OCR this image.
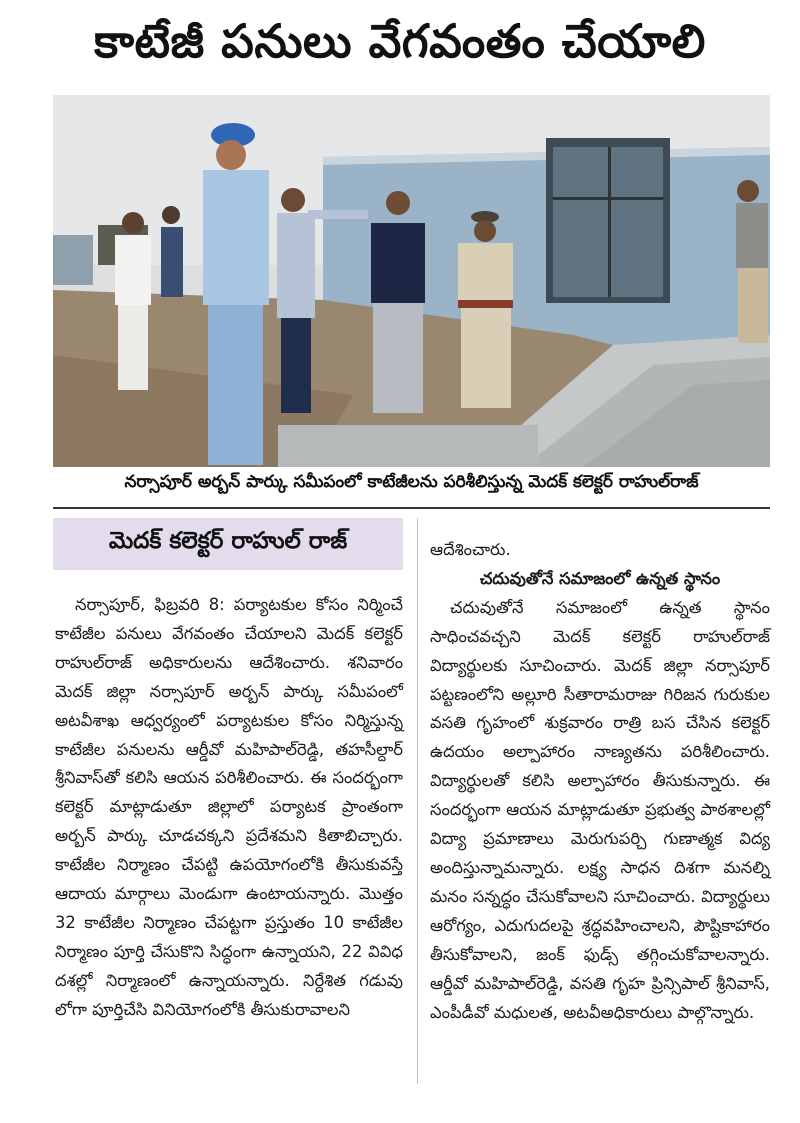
కాటేజీ పనులు వేగవంతం చేయాలి
నర్సాపూర్ అర్బన్ పార్కు సమీపంలో కాటేజీలను పరిశీలిస్తున్న మెదక్ కలెక్టర్ రాహుల్‌రాజ్
మెదక్ కలెక్టర్ రాహుల్ రాజ్

నర్సాపూర్, ఫిబ్రవరి 8: పర్యాటకుల కోసం నిర్మించే కాటేజీల పనులు వేగవంతం చేయాలని మెదక్ కలెక్టర్ రాహుల్‌రాజ్ అధికారులను ఆదేశించారు. శనివారం మెదక్ జిల్లా నర్సాపూర్ అర్బన్ పార్కు సమీపంలో అటవీశాఖ ఆధ్వర్యంలో పర్యాటకుల కోసం నిర్మిస్తున్న కాటేజీల పనులను ఆర్డీవో మహిపాల్‌రెడ్డి, తహసీల్దార్ శ్రీనివాస్‌తో కలిసి ఆయన పరిశీలించారు. ఈ సందర్భంగా కలెక్టర్ మాట్లాడుతూ జిల్లాలో పర్యాటక ప్రాంతంగా అర్బన్ పార్కు చూడచక్కని ప్రదేశమని కితాబిచ్చారు. కాటేజీల నిర్మాణం చేపట్టి ఉపయోగంలోకి తీసుకువస్తే ఆదాయ మార్గాలు మెండుగా ఉంటాయన్నారు. మొత్తం 32 కాటేజీల నిర్మాణం చేపట్టగా ప్రస్తుతం 10 కాటేజీల నిర్మాణం పూర్తి చేసుకొని సిద్ధంగా ఉన్నాయని, 22 వివిధ దశల్లో నిర్మాణంలో ఉన్నాయన్నారు. నిర్దేశిత గడువు లోగా పూర్తిచేసి వినియోగంలోకి తీసుకురావాలని

ఆదేశించారు.

చదువుతోనే సమాజంలో ఉన్నత స్థానం

చదువుతోనే సమాజంలో ఉన్నత స్థానం సాధించవచ్చని మెదక్ కలెక్టర్ రాహుల్‌రాజ్ విద్యార్థులకు సూచించారు. మెదక్ జిల్లా నర్సాపూర్ పట్టణంలోని అల్లూరి సీతారామరాజు గిరిజన గురుకుల వసతి గృహంలో శుక్రవారం రాత్రి బస చేసిన కలెక్టర్ ఉదయం అల్పాహారం నాణ్యతను పరిశీలించారు. విద్యార్థులతో కలిసి అల్పాహారం తీసుకున్నారు. ఈ సందర్భంగా ఆయన మాట్లాడుతూ ప్రభుత్వ పాఠశాలల్లో విద్యా ప్రమాణాలు మెరుగుపర్చి గుణాత్మక విద్య అందిస్తున్నామన్నారు. లక్ష్య సాధన దిశగా మనల్ని మనం సన్నద్ధం చేసుకోవాలని సూచించారు. విద్యార్థులు ఆరోగ్యం, ఎదుగుదలపై శ్రద్ధవహించాలని, పౌష్టికాహారం తీసుకోవాలని, జంక్ ఫుడ్స్ తగ్గించుకోవాలన్నారు. ఆర్డీవో మహిపాల్‌రెడ్డి, వసతి గృహ ప్రిన్సిపాల్ శ్రీనివాస్, ఎంపీడీవో మధులత, అటవీఅధికారులు పాల్గొన్నారు.
